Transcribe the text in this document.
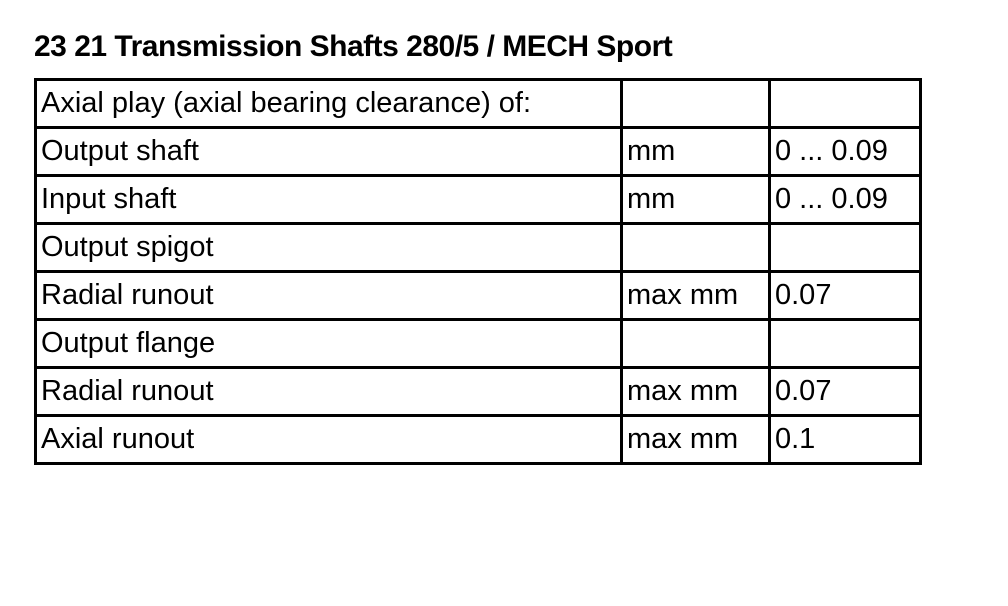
23 21 Transmission Shafts 280/5 / MECH Sport
Axial play (axial bearing clearance) of:		
Output shaft	mm	0 ... 0.09
Input shaft	mm	0 ... 0.09
Output spigot		
Radial runout	max mm	0.07
Output flange		
Radial runout	max mm	0.07
Axial runout	max mm	0.1
